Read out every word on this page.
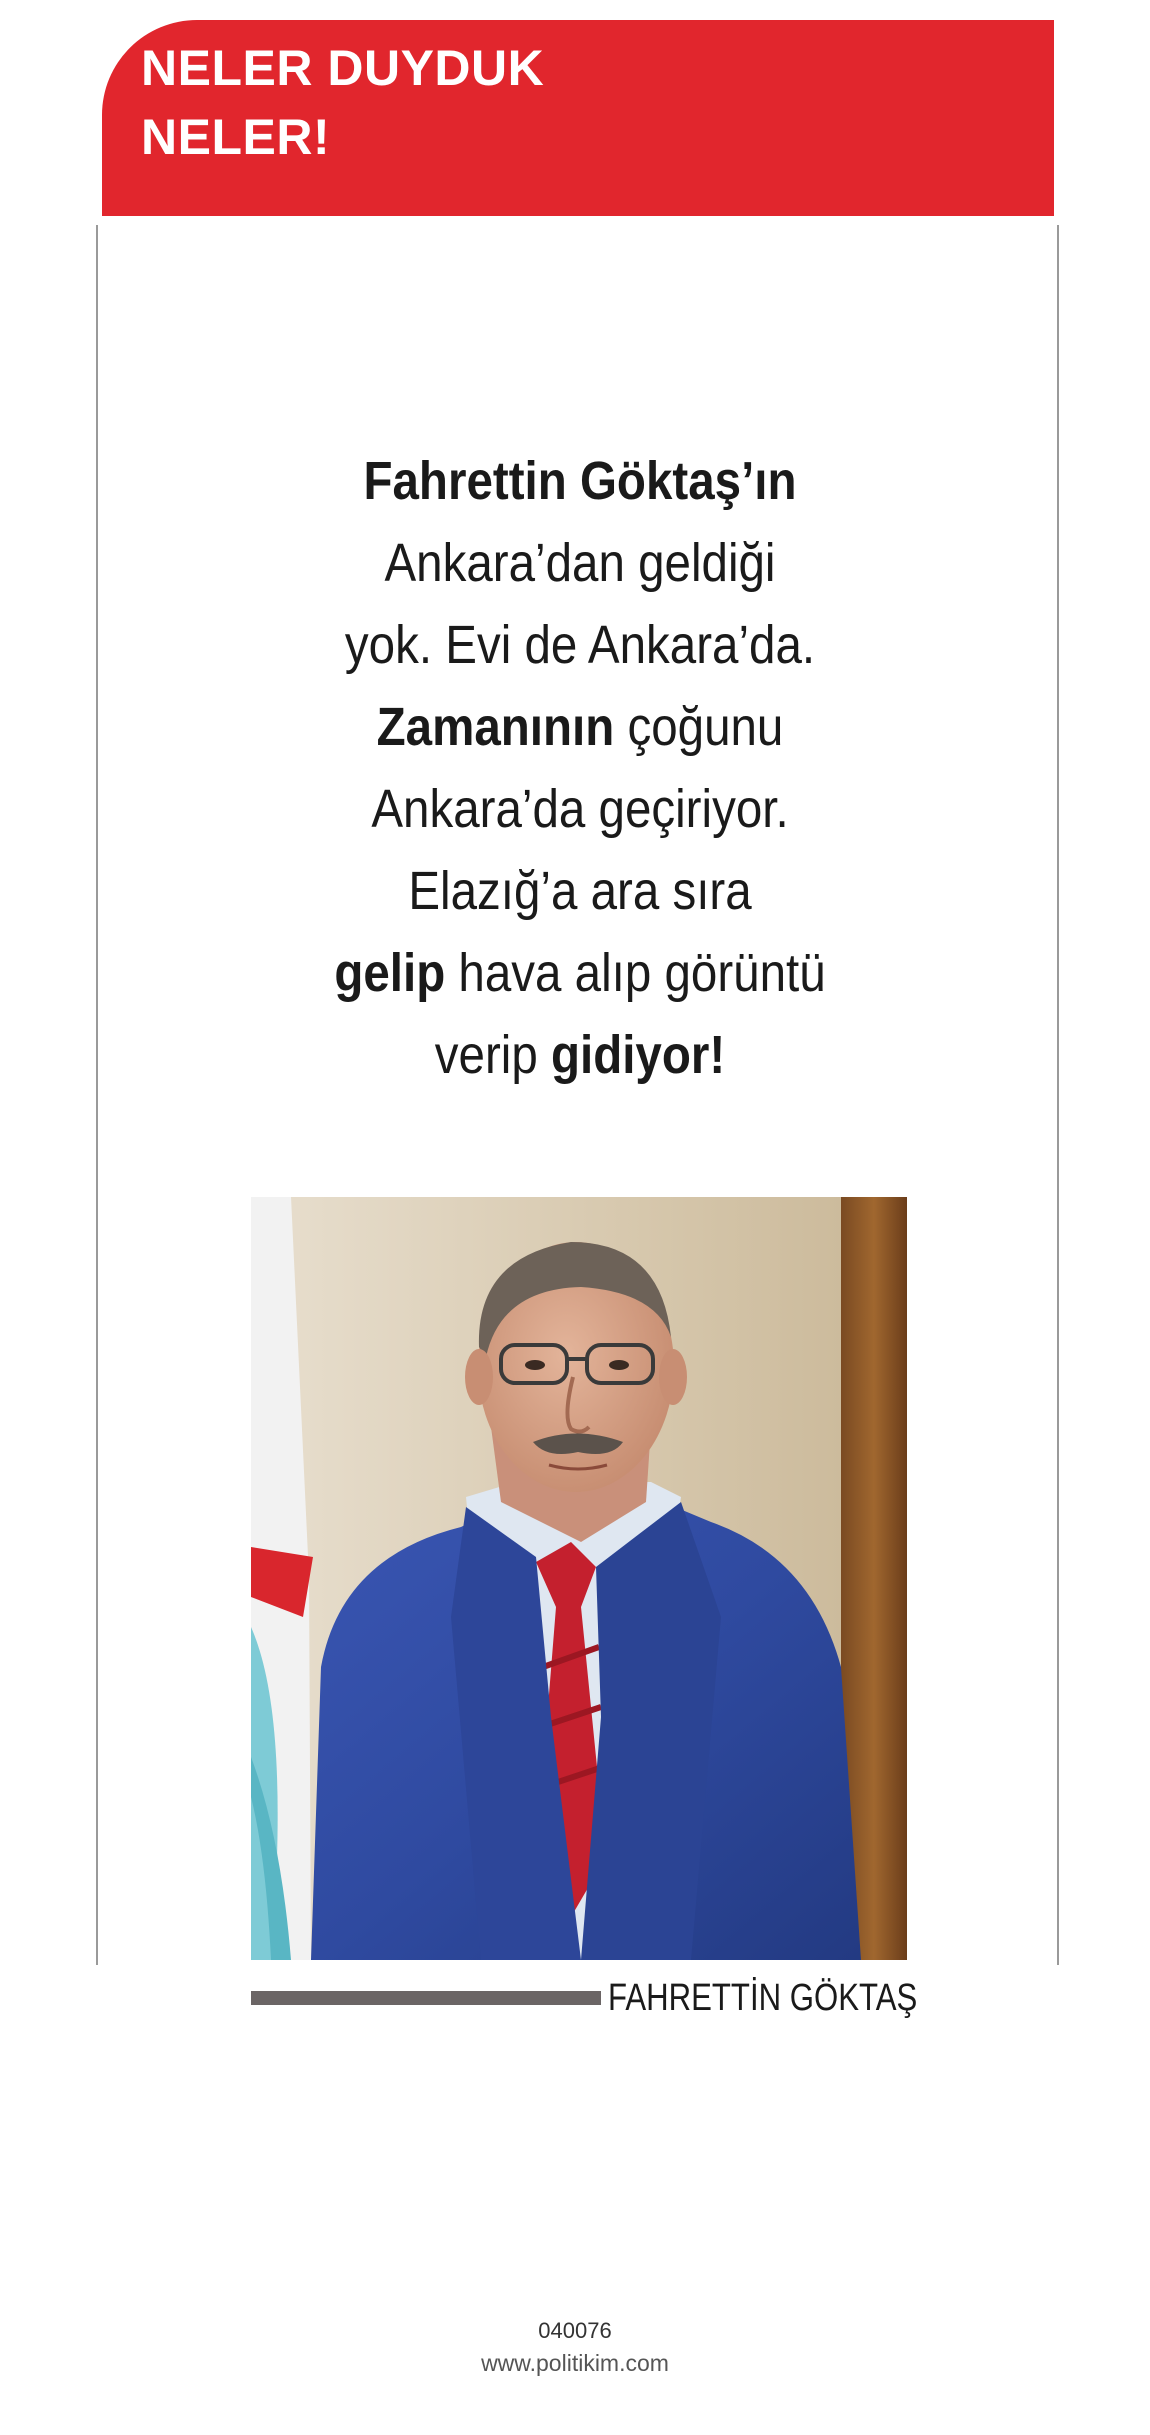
NELER DUYDUK
NELER!
Fahrettin Göktaş’ın
Ankara’dan geldiği
yok. Evi de Ankara’da.
Zamanının çoğunu
Ankara’da geçiriyor.
Elazığ’a ara sıra
gelip hava alıp görüntü
verip gidiyor!
FAHRETTİN GÖKTAŞ
040076
www.politikim.com
